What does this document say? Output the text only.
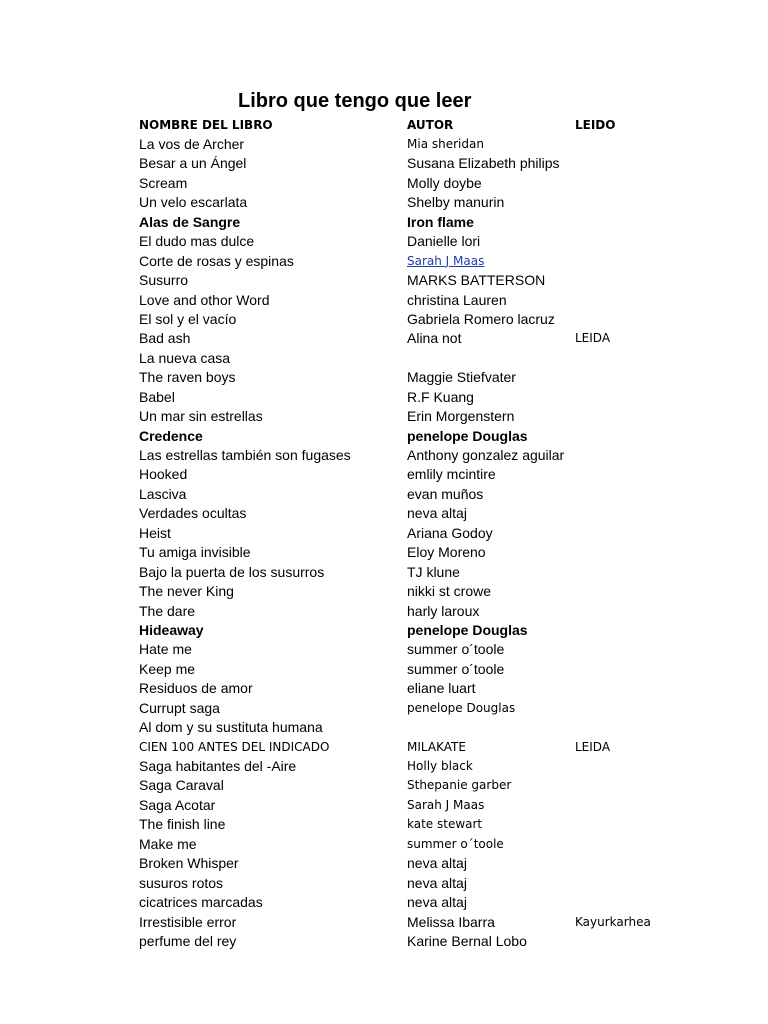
Libro que tengo que leer
NOMBRE DEL LIBRO	AUTOR	LEIDO
La vos de Archer	Mia sheridan
Besar a un Ángel	Susana Elizabeth philips
Scream	Molly doybe
Un velo escarlata	Shelby manurin
Alas de Sangre	Iron flame
El dudo mas dulce	Danielle lori
Corte de rosas y espinas	Sarah J Maas
Susurro	MARKS BATTERSON
Love and othor Word	christina Lauren
El sol y el vacío	Gabriela Romero lacruz
Bad ash	Alina not	LEIDA
La nueva casa
The raven boys	Maggie Stiefvater
Babel	R.F Kuang
Un mar sin estrellas	Erin Morgenstern
Credence	penelope Douglas
Las estrellas también son fugases	Anthony gonzalez aguilar
Hooked	emlily mcintire
Lasciva	evan muños
Verdades ocultas	neva altaj
Heist	Ariana Godoy
Tu amiga invisible	Eloy Moreno
Bajo la puerta de los susurros	TJ klune
The never King	nikki st crowe
The dare	harly laroux
Hideaway	penelope Douglas
Hate me	summer o´toole
Keep me	summer o´toole
Residuos de amor	eliane luart
Currupt saga	penelope Douglas
Al dom y su sustituta humana
CIEN 100 ANTES DEL INDICADO	MILAKATE	LEIDA
Saga habitantes del -Aire	Holly black
Saga Caraval	Sthepanie garber
Saga Acotar	Sarah J Maas
The finish line	kate stewart
Make me	summer o´toole
Broken Whisper	neva altaj
susuros rotos	neva altaj
cicatrices marcadas	neva altaj
Irrestisible error	Melissa Ibarra	Kayurkarhea
perfume del rey	Karine Bernal Lobo
